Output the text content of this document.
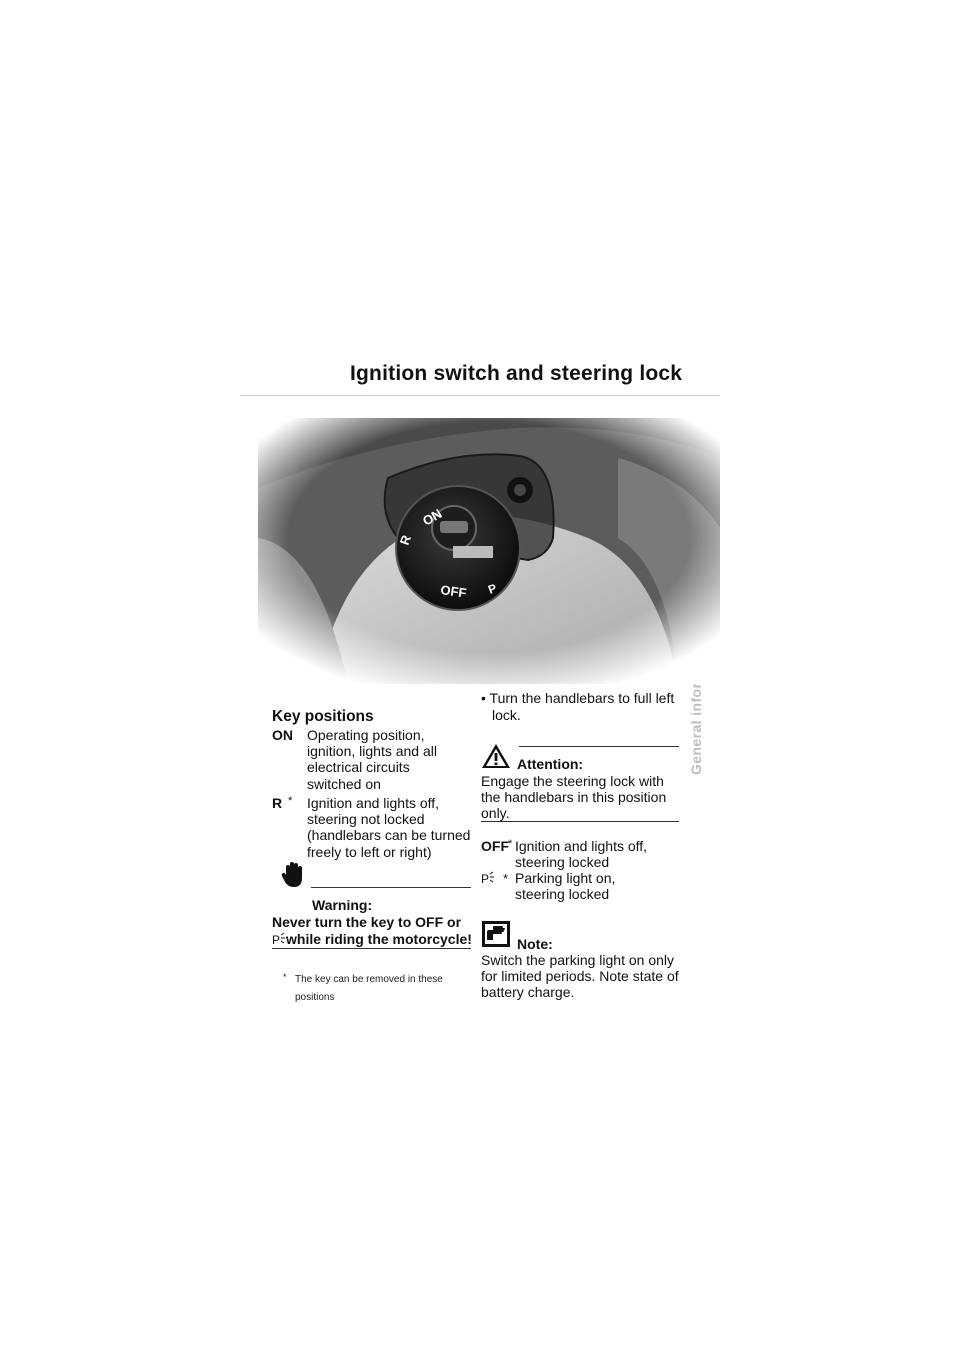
Ignition switch and steering lock
Key positions
ON Operating position,
ignition, lights and all
electrical circuits
switched on
R * Ignition and lights off,
steering not locked
(handlebars can be turned
freely to left or right)
Warning:
Never turn the key to OFF or
P while riding the motorcycle!
* The key can be removed in these
positions
• Turn the handlebars to full left
lock.
Attention:
Engage the steering lock with
the handlebars in this position
only.
OFF * Ignition and lights off,
steering locked
P * Parking light on,
steering locked
Note:
Switch the parking light on only
for limited periods. Note state of
battery charge.
